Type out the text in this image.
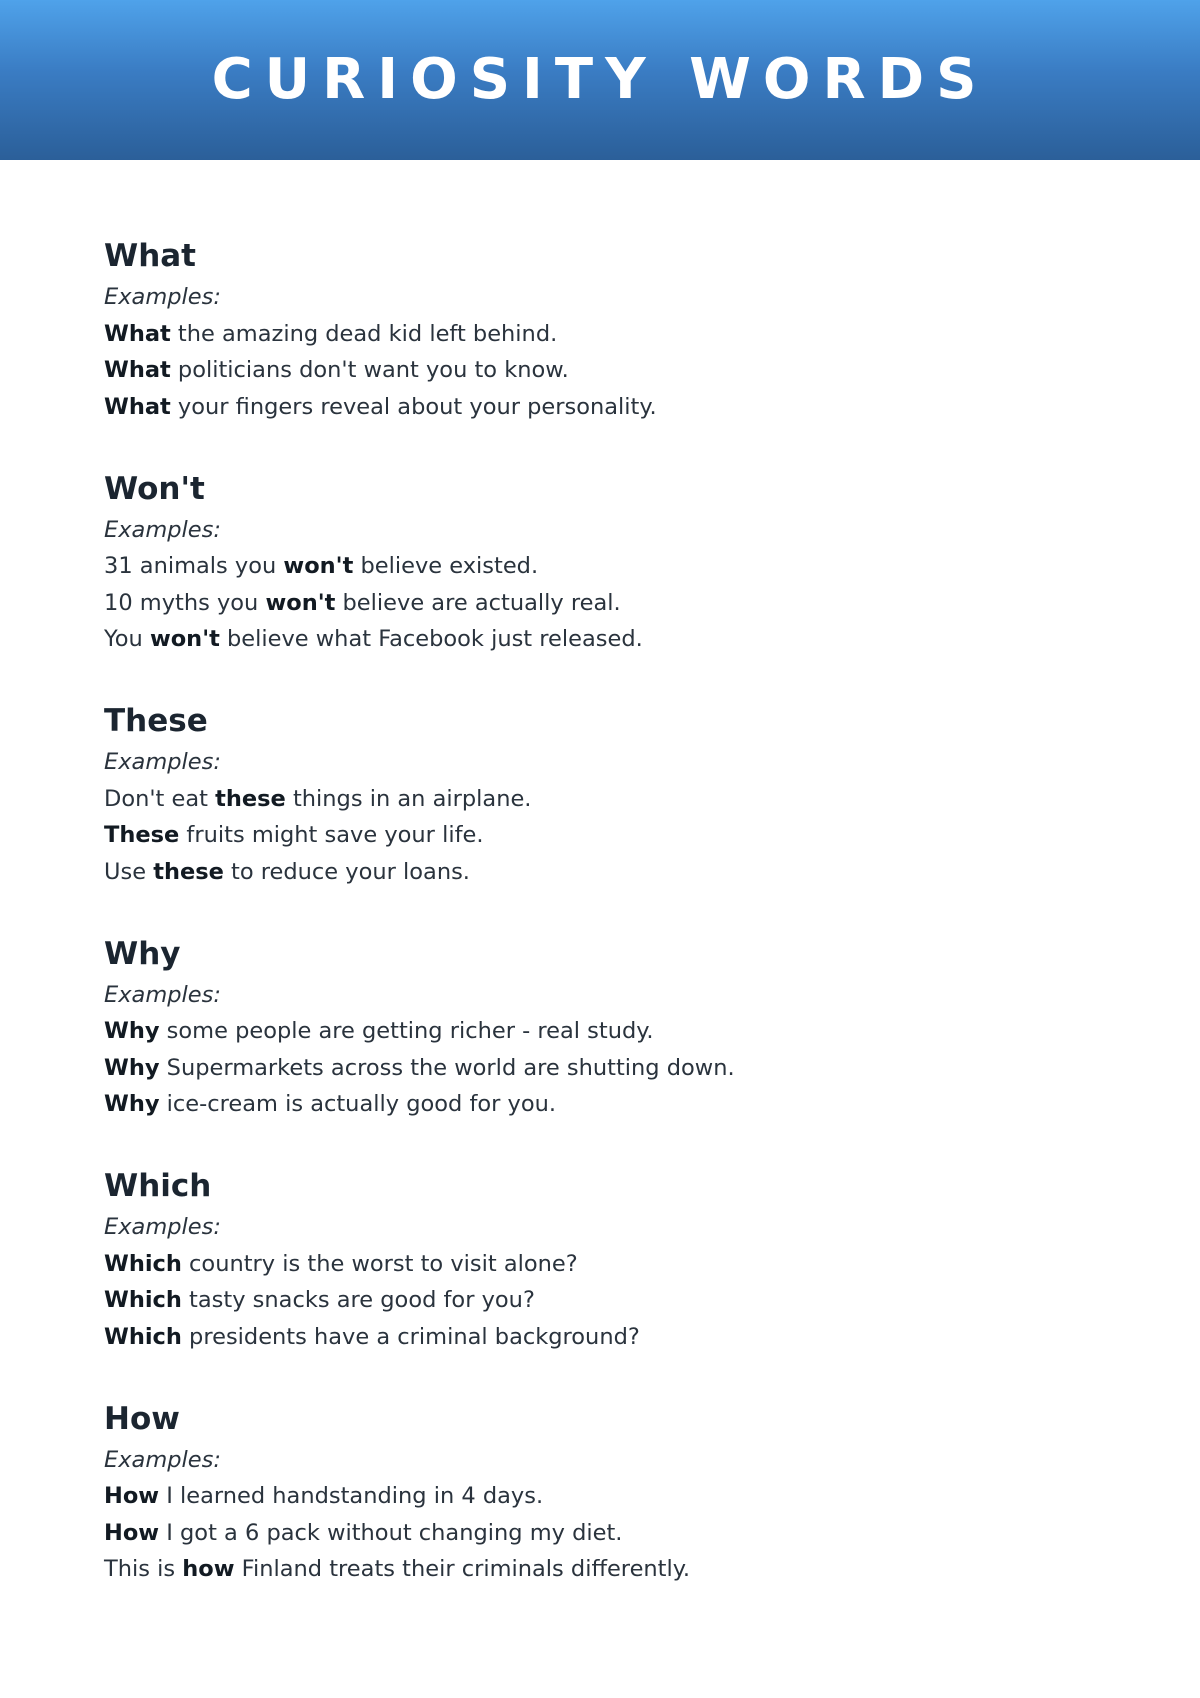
CURIOSITY WORDS
What
Examples:
What the amazing dead kid left behind.
What politicians don't want you to know.
What your fingers reveal about your personality.
Won't
Examples:
31 animals you won't believe existed.
10 myths you won't believe are actually real.
You won't believe what Facebook just released.
These
Examples:
Don't eat these things in an airplane.
These fruits might save your life.
Use these to reduce your loans.
Why
Examples:
Why some people are getting richer - real study.
Why Supermarkets across the world are shutting down.
Why ice-cream is actually good for you.
Which
Examples:
Which country is the worst to visit alone?
Which tasty snacks are good for you?
Which presidents have a criminal background?
How
Examples:
How I learned handstanding in 4 days.
How I got a 6 pack without changing my diet.
This is how Finland treats their criminals differently.
